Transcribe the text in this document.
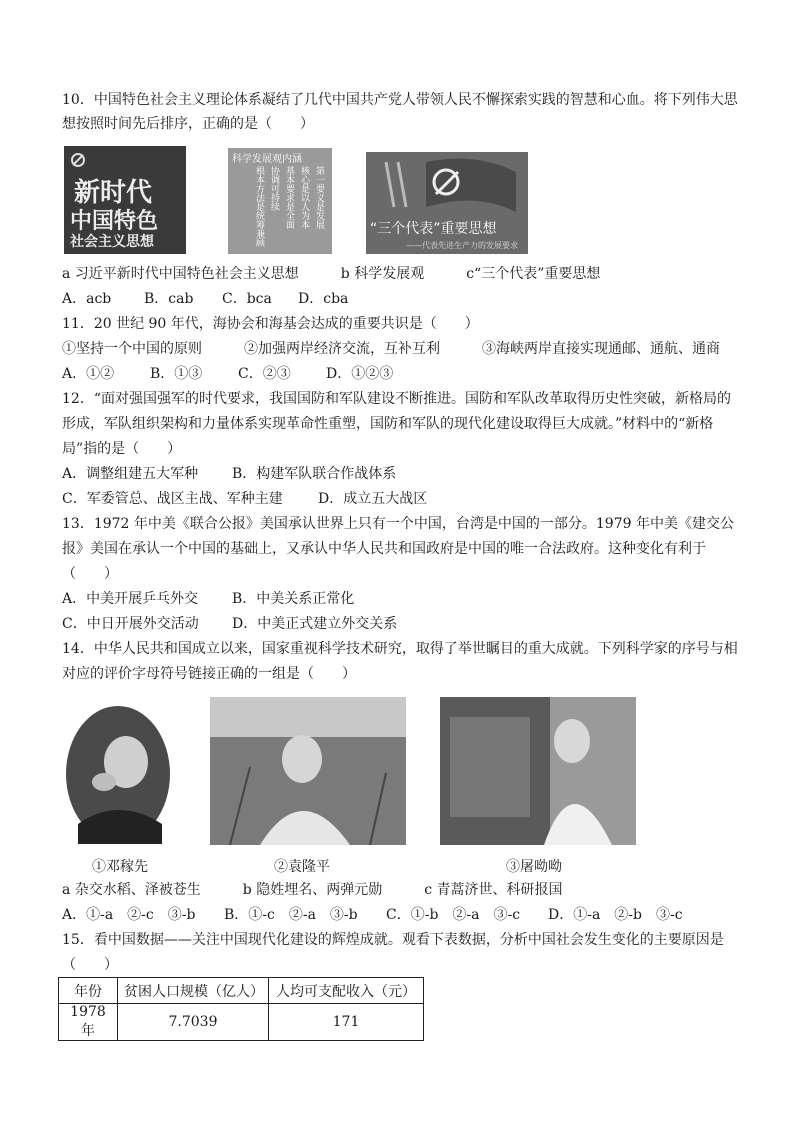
10．中国特色社会主义理论体系凝结了几代中国共产党人带领人民不懈探索实践的智慧和心血。将下列伟大思
想按照时间先后排序，正确的是（　　）
新时代
中国特色
社会主义思想
科学发展观内涵
第一要义是发展
核心是以人为本
基本要求是全面
协调可持续
根本方法是统筹兼顾	“三个代表”重要思想
——代表先进生产力的发展要求
a 习近平新时代中国特色社会主义思想　　　b 科学发展观　　　c“三个代表”重要思想
A．acb B．cab C．bca D．cba
11．20 世纪 90 年代，海协会和海基会达成的重要共识是（　　）
①坚持一个中国的原则　　　②加强两岸经济交流，互补互利　　　③海峡两岸直接实现通邮、通航、通商
A．①②	B．①③	C．②③	D．①②③
12．“面对强国强军的时代要求，我国国防和军队建设不断推进。国防和军队改革取得历史性突破，新格局的
形成，军队组织架构和力量体系实现革命性重塑，国防和军队的现代化建设取得巨大成就。”材料中的“新格
局”指的是（　　）
A．调整组建五大军种 B．构建军队联合作战体系
C．军委管总、战区主战、军种主建	D．成立五大战区
13．1972 年中美《联合公报》美国承认世界上只有一个中国，台湾是中国的一部分。1979 年中美《建交公
报》美国在承认一个中国的基础上，又承认中华人民共和国政府是中国的唯一合法政府。这种变化有利于
（　　）
A．中美开展乒乓外交 B．中美关系正常化
C．中日开展外交活动 D．中美正式建立外交关系
14．中华人民共和国成立以来，国家重视科学技术研究，取得了举世瞩目的重大成就。下列科学家的序号与相
对应的评价字母符号链接正确的一组是（　　）
①邓稼先	②袁隆平	③屠呦呦
a 杂交水稻、泽被苍生　　　b 隐姓埋名、两弹元勋　　　c 青蒿济世、科研报国
A．①-a　②-c　③-b B．①-c　②-a　③-b C．①-b　②-a　③-c D．①-a　②-b　③-c
15．看中国数据——关注中国现代化建设的辉煌成就。观看下表数据，分析中国社会发生变化的主要原因是
（　　）
年份	贫困人口规模（亿人）	人均可支配收入（元）
1978 年	7.7039	171
